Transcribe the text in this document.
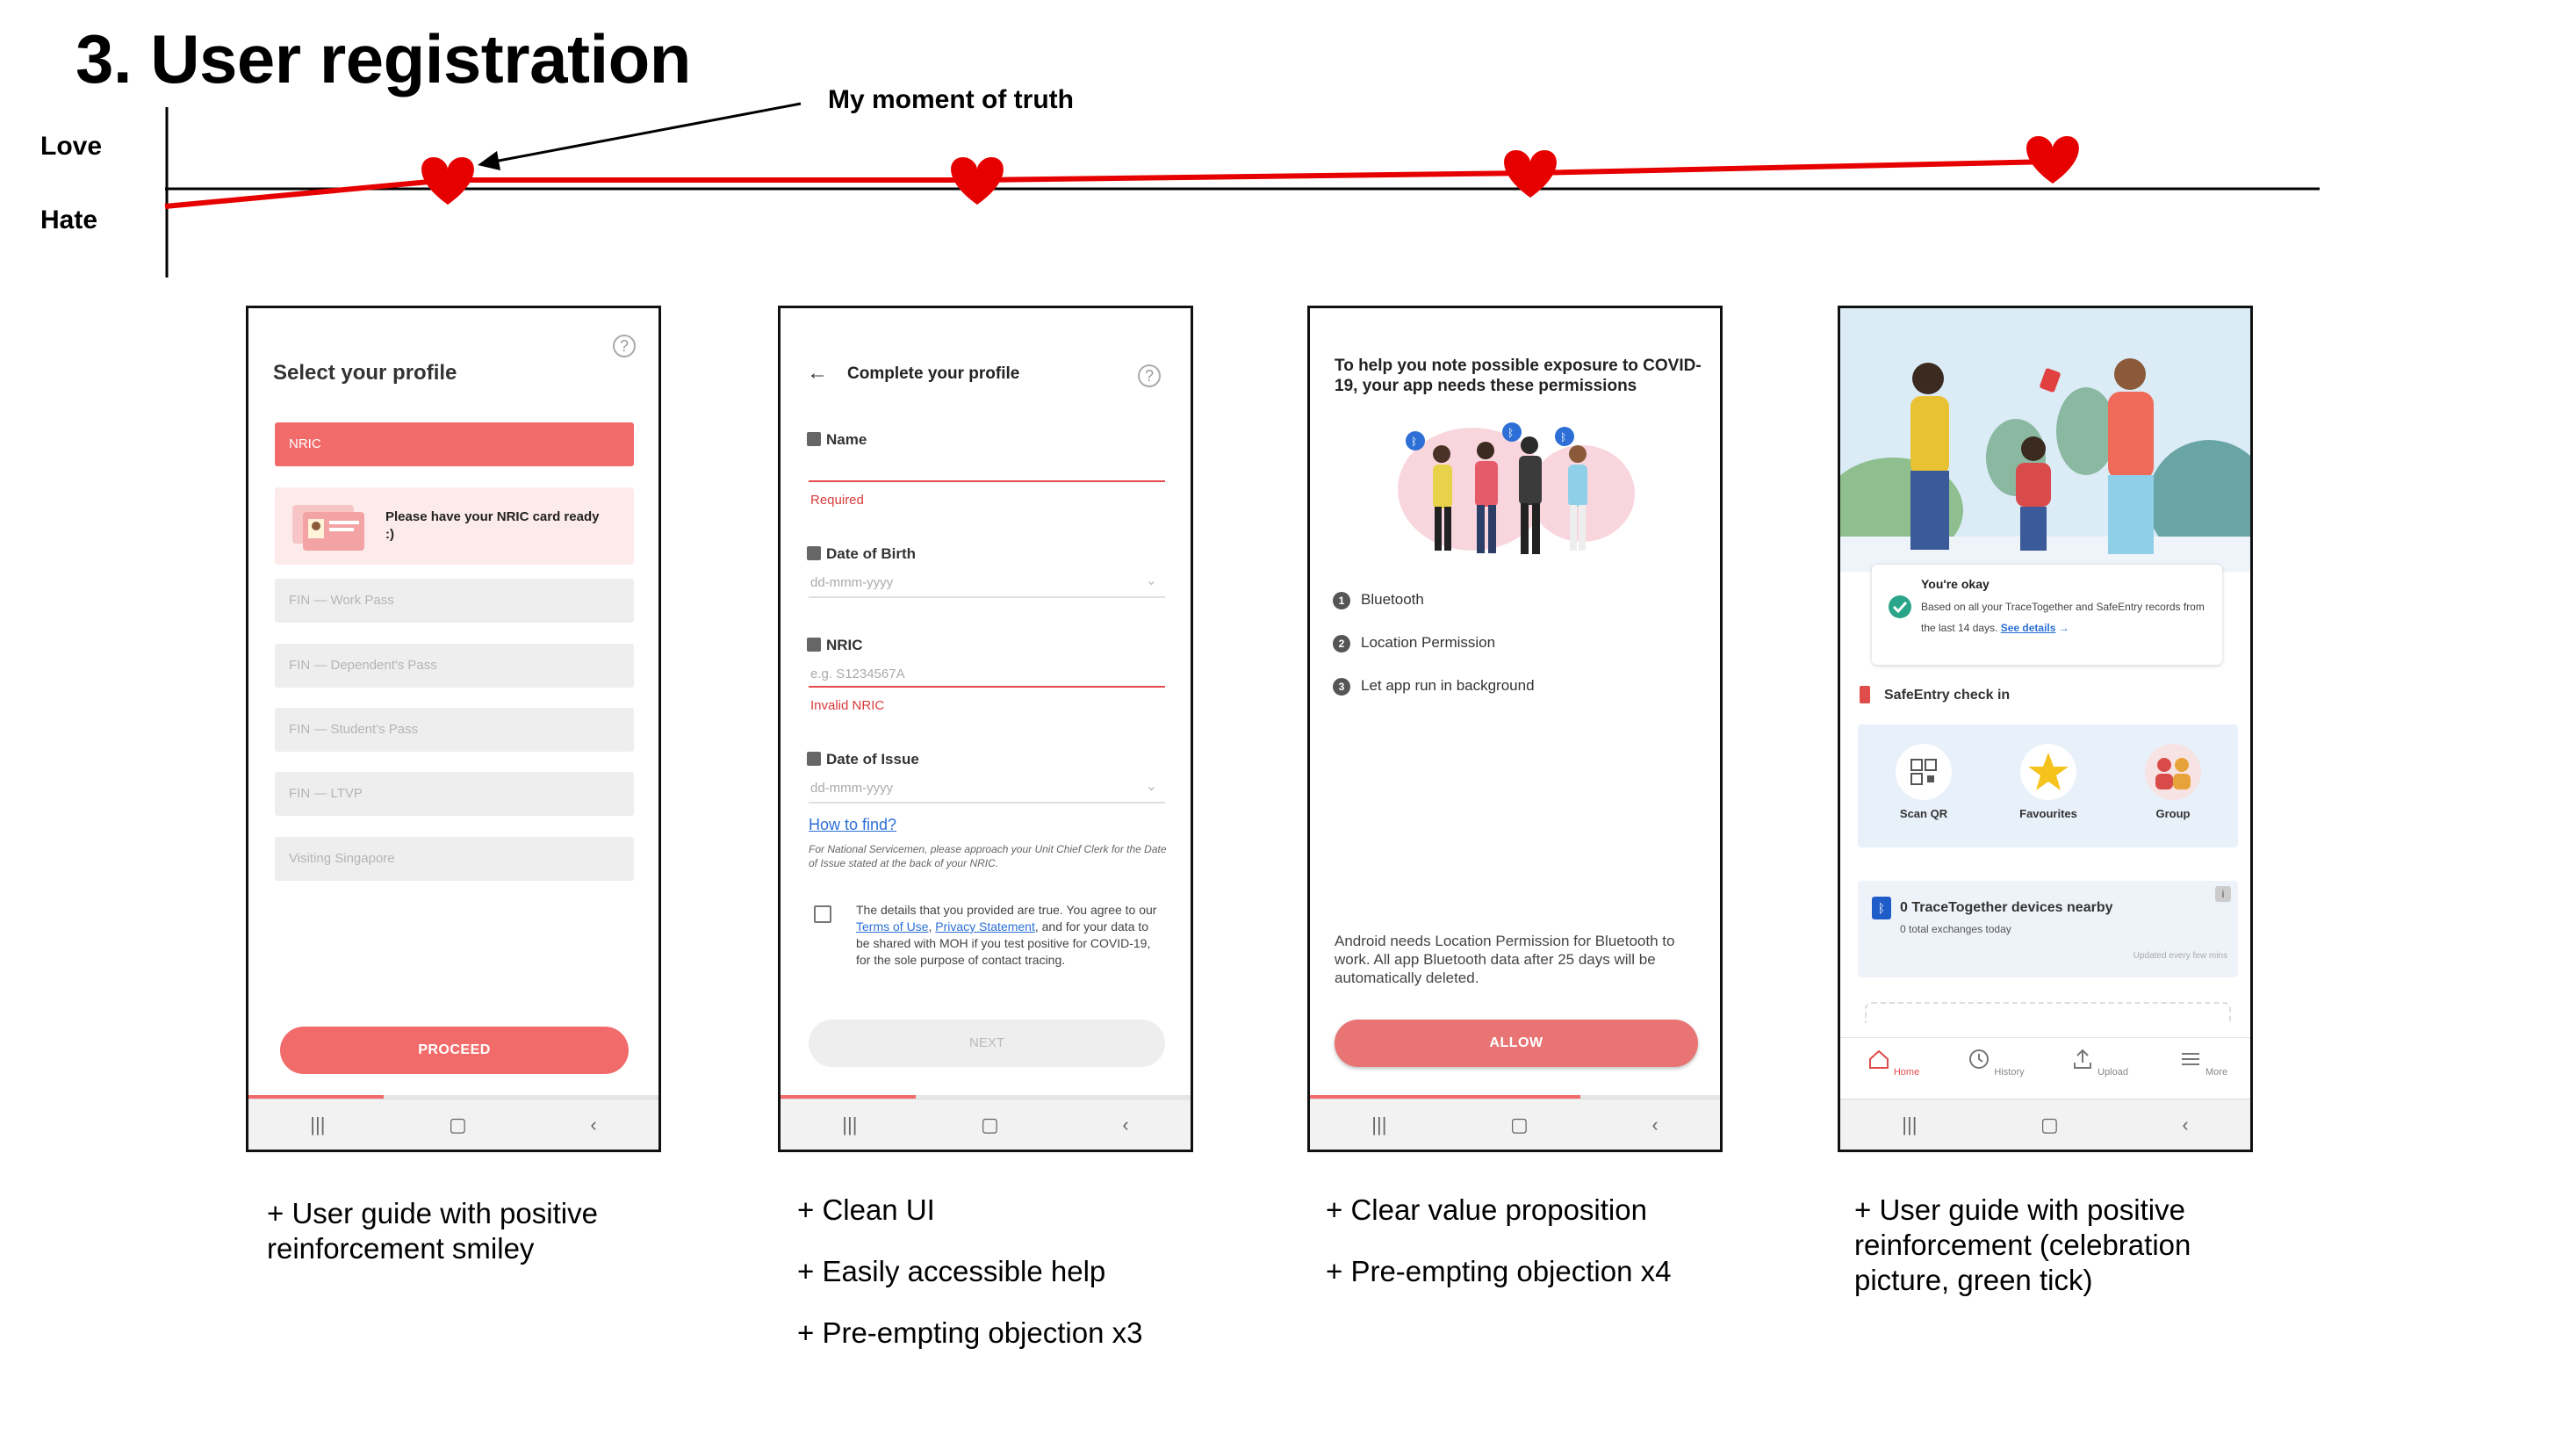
3. User registration
Love
Hate
My moment of truth
?
Select your profile
NRIC
Please have your NRIC card ready :)
FIN — Work Pass
FIN — Dependent's Pass
FIN — Student's Pass
FIN — LTVP
Visiting Singapore
PROCEED
|||	▢	‹
← Complete your profile	?
Name
Required
Date of Birth
dd-mmm-yyyy	⌄
NRIC
e.g. S1234567A
Invalid NRIC
Date of Issue
dd-mmm-yyyy	⌄
How to find?
For National Servicemen, please approach your Unit Chief Clerk for the Date of Issue stated at the back of your NRIC.
The details that you provided are true. You agree to our Terms of Use, Privacy Statement, and for your data to be shared with MOH if you test positive for COVID-19, for the sole purpose of contact tracing.
NEXT
|||	▢	‹
To help you note possible exposure to COVID-19, your app needs these permissions
ᛒ
ᛒ	ᛒ
1 Bluetooth
2 Location Permission
3 Let app run in background
Android needs Location Permission for Bluetooth to work. All app Bluetooth data after 25 days will be automatically deleted.
ALLOW
|||	▢	‹
You're okay
Based on all your TraceTogether and SafeEntry records from the last 14 days. See details →
SafeEntry check in
Scan QR	Favourites	Group
ᛒ	0 TraceTogether devices nearby
0 total exchanges today
Updated every few mins
i
Home	History	Upload	More
|||	▢	‹
+ User guide with positive reinforcement smiley
+ Clean UI
+ Easily accessible help
+ Pre-empting objection x3
+ Clear value proposition
+ Pre-empting objection x4
+ User guide with positive reinforcement (celebration picture, green tick)
